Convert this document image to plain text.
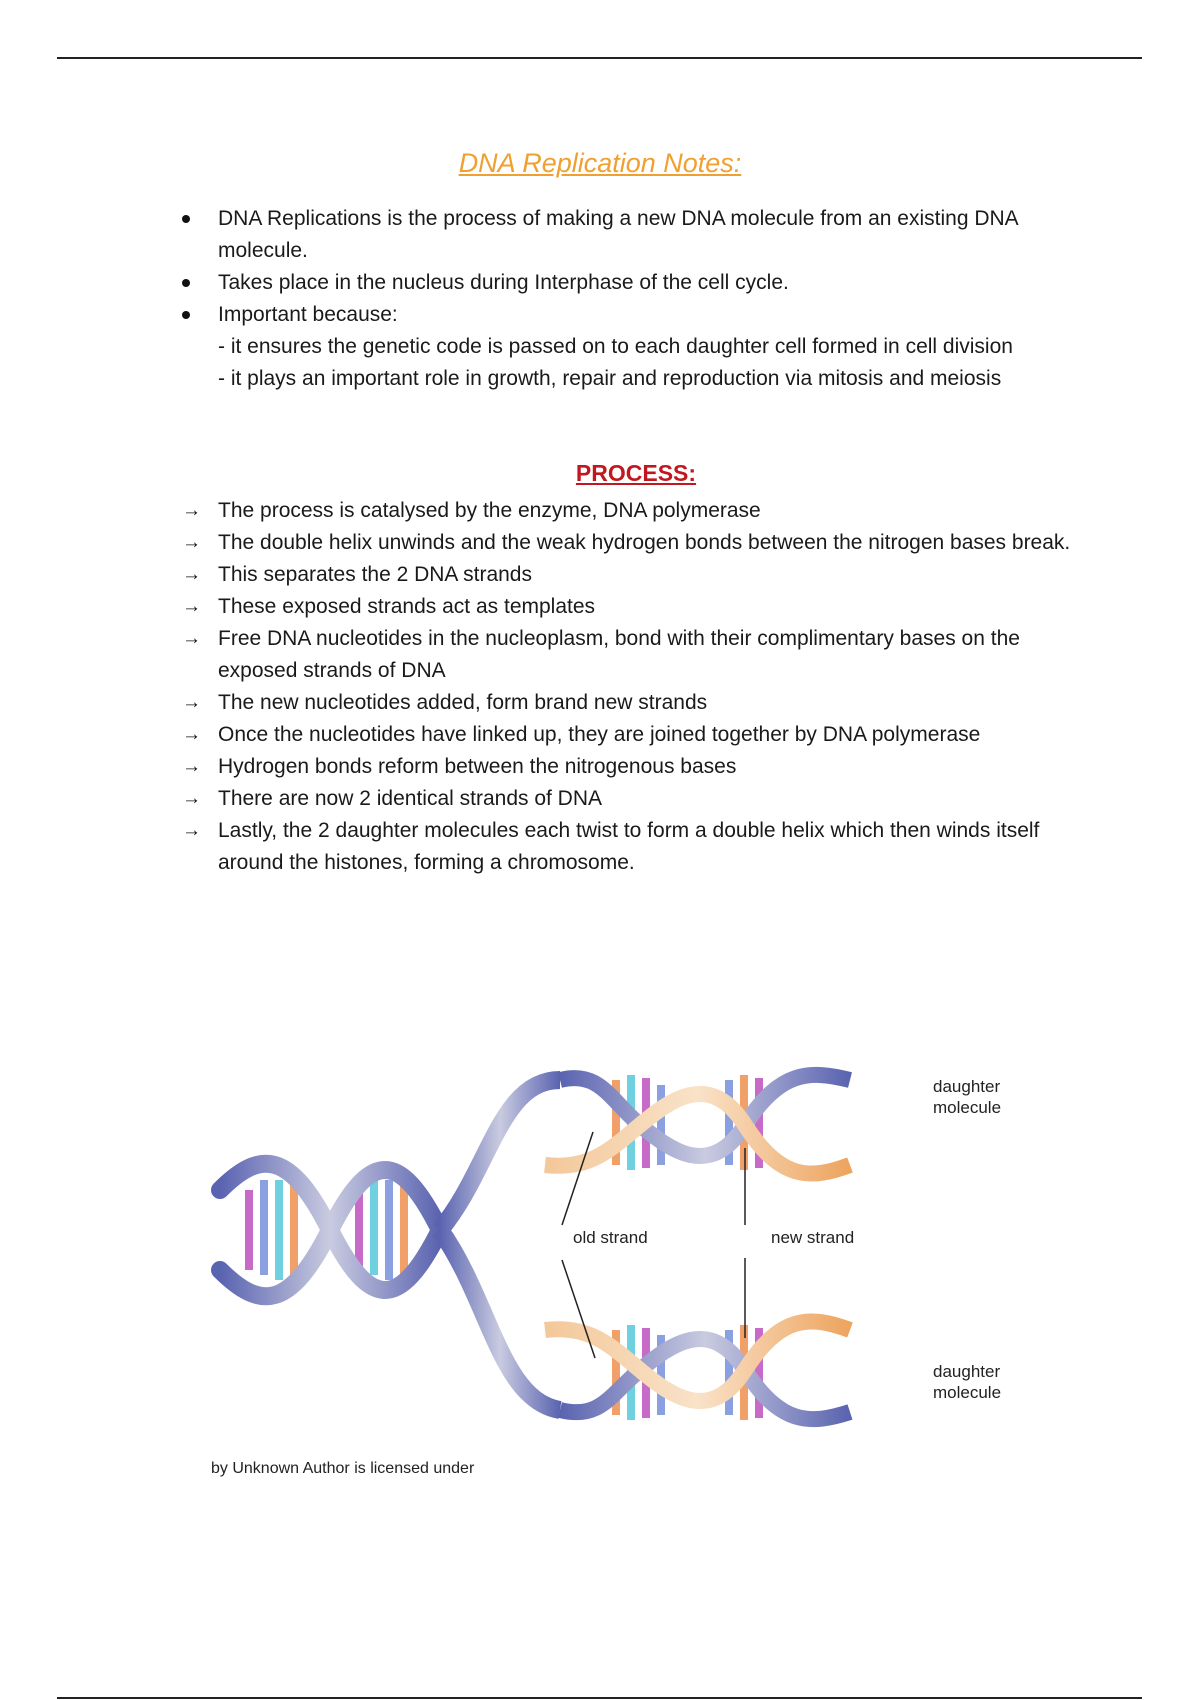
DNA Replication Notes:
DNA Replications is the process of making a new DNA molecule from an existing DNA molecule.
Takes place in the nucleus during Interphase of the cell cycle.
Important because:
- it ensures the genetic code is passed on to each daughter cell formed in cell division
- it plays an important role in growth, repair and reproduction via mitosis and meiosis
PROCESS:
→ The process is catalysed by the enzyme, DNA polymerase
→ The double helix unwinds and the weak hydrogen bonds between the nitrogen bases break.
→ This separates the 2 DNA strands
→ These exposed strands act as templates
→ Free DNA nucleotides in the nucleoplasm, bond with their complimentary bases on the exposed strands of DNA
→ The new nucleotides added, form brand new strands
→ Once the nucleotides have linked up, they are joined together by DNA polymerase
→ Hydrogen bonds reform between the nitrogenous bases
→ There are now 2 identical strands of DNA
→ Lastly, the 2 daughter molecules each twist to form a double helix which then winds itself around the histones, forming a chromosome.
daughter
molecule
old strand	new strand
daughter
molecule
by Unknown Author is licensed under
